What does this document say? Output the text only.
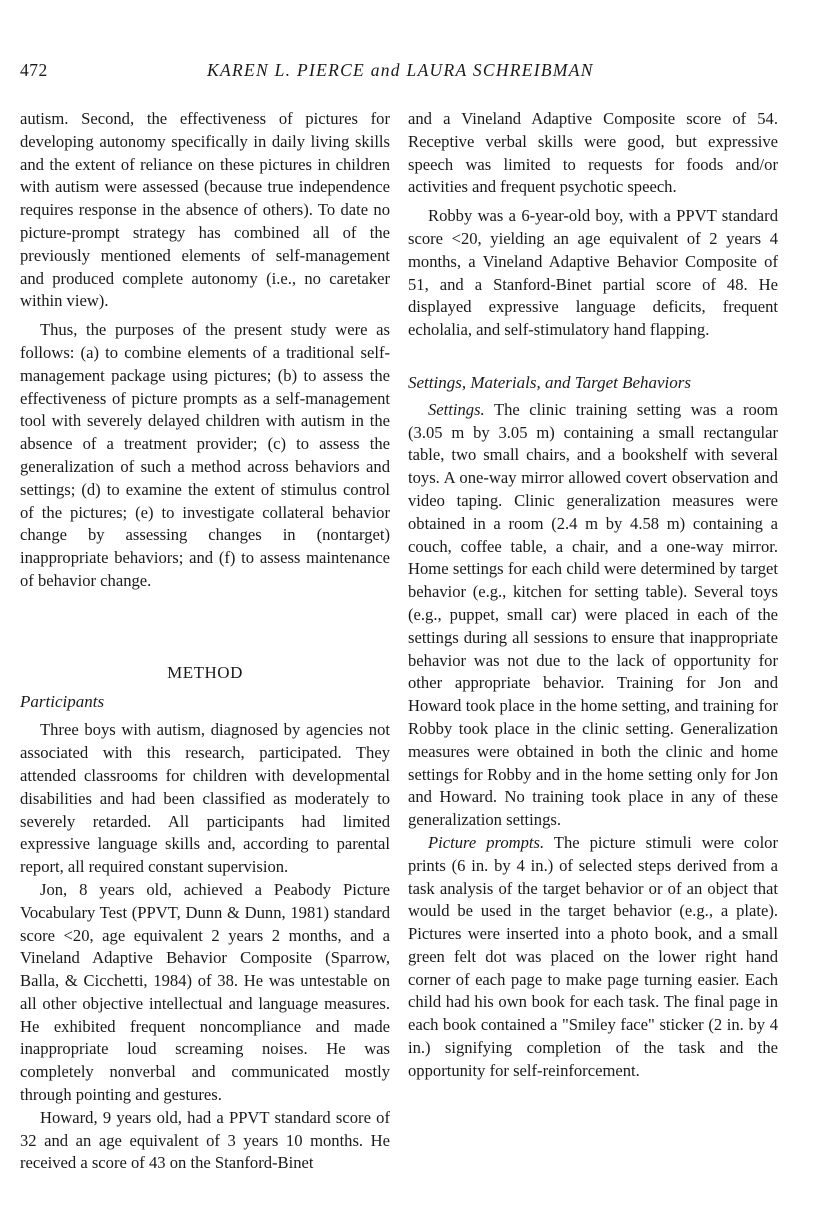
472	KAREN L. PIERCE and LAURA SCHREIBMAN

autism. Second, the effectiveness of pictures for developing autonomy specifically in daily living skills and the extent of reliance on these pictures in children with autism were assessed (because true independence requires response in the absence of others). To date no picture-prompt strategy has combined all of the previously mentioned elements of self-management and produced complete autonomy (i.e., no caretaker within view).

Thus, the purposes of the present study were as follows: (a) to combine elements of a traditional self-management package using pictures; (b) to assess the effectiveness of picture prompts as a self-management tool with severely delayed children with autism in the absence of a treatment provider; (c) to assess the generalization of such a method across behaviors and settings; (d) to examine the extent of stimulus control of the pictures; (e) to investigate collateral behavior change by assessing changes in (nontarget) inappropriate behaviors; and (f) to assess maintenance of behavior change.

METHOD
Participants

Three boys with autism, diagnosed by agencies not associated with this research, participated. They attended classrooms for children with developmental disabilities and had been classified as moderately to severely retarded. All participants had limited expressive language skills and, according to parental report, all required constant supervision.

Jon, 8 years old, achieved a Peabody Picture Vocabulary Test (PPVT, Dunn & Dunn, 1981) standard score <20, age equivalent 2 years 2 months, and a Vineland Adaptive Behavior Composite (Sparrow, Balla, & Cicchetti, 1984) of 38. He was untestable on all other objective intellectual and language measures. He exhibited frequent noncompliance and made inappropriate loud screaming noises. He was completely nonverbal and communicated mostly through pointing and gestures.

Howard, 9 years old, had a PPVT standard score of 32 and an age equivalent of 3 years 10 months. He received a score of 43 on the Stanford-Binet

and a Vineland Adaptive Composite score of 54. Receptive verbal skills were good, but expressive speech was limited to requests for foods and/or activities and frequent psychotic speech.

Robby was a 6-year-old boy, with a PPVT standard score <20, yielding an age equivalent of 2 years 4 months, a Vineland Adaptive Behavior Composite of 51, and a Stanford-Binet partial score of 48. He displayed expressive language deficits, frequent echolalia, and self-stimulatory hand flapping.

Settings, Materials, and Target Behaviors

Settings. The clinic training setting was a room (3.05 m by 3.05 m) containing a small rectangular table, two small chairs, and a bookshelf with several toys. A one-way mirror allowed covert observation and video taping. Clinic generalization measures were obtained in a room (2.4 m by 4.58 m) containing a couch, coffee table, a chair, and a one-way mirror. Home settings for each child were determined by target behavior (e.g., kitchen for setting table). Several toys (e.g., puppet, small car) were placed in each of the settings during all sessions to ensure that inappropriate behavior was not due to the lack of opportunity for other appropriate behavior. Training for Jon and Howard took place in the home setting, and training for Robby took place in the clinic setting. Generalization measures were obtained in both the clinic and home settings for Robby and in the home setting only for Jon and Howard. No training took place in any of these generalization settings.

Picture prompts. The picture stimuli were color prints (6 in. by 4 in.) of selected steps derived from a task analysis of the target behavior or of an object that would be used in the target behavior (e.g., a plate). Pictures were inserted into a photo book, and a small green felt dot was placed on the lower right hand corner of each page to make page turning easier. Each child had his own book for each task. The final page in each book contained a "Smiley face" sticker (2 in. by 4 in.) signifying completion of the task and the opportunity for self-reinforcement.
